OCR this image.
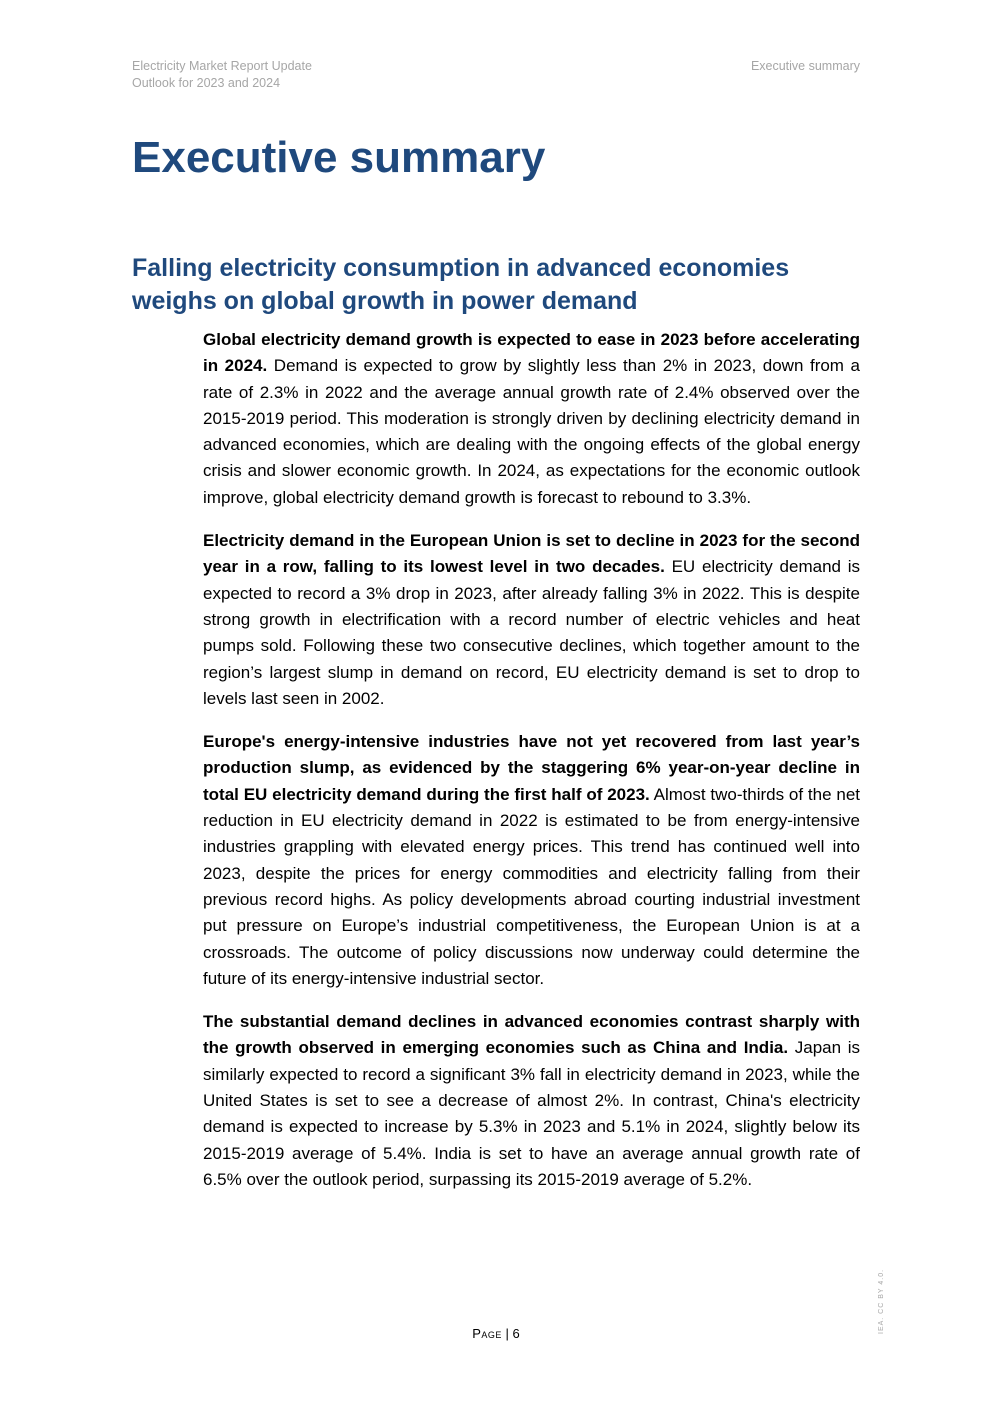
Electricity Market Report Update
Outlook for 2023 and 2024
Executive summary
Executive summary
Falling electricity consumption in advanced economies weighs on global growth in power demand

Global electricity demand growth is expected to ease in 2023 before accelerating in 2024. Demand is expected to grow by slightly less than 2% in 2023, down from a rate of 2.3% in 2022 and the average annual growth rate of 2.4% observed over the 2015-2019 period. This moderation is strongly driven by declining electricity demand in advanced economies, which are dealing with the ongoing effects of the global energy crisis and slower economic growth. In 2024, as expectations for the economic outlook improve, global electricity demand growth is forecast to rebound to 3.3%.

Electricity demand in the European Union is set to decline in 2023 for the second year in a row, falling to its lowest level in two decades. EU electricity demand is expected to record a 3% drop in 2023, after already falling 3% in 2022. This is despite strong growth in electrification with a record number of electric vehicles and heat pumps sold. Following these two consecutive declines, which together amount to the region’s largest slump in demand on record, EU electricity demand is set to drop to levels last seen in 2002.

Europe's energy-intensive industries have not yet recovered from last year’s production slump, as evidenced by the staggering 6% year-on-year decline in total EU electricity demand during the first half of 2023. Almost two-thirds of the net reduction in EU electricity demand in 2022 is estimated to be from energy-intensive industries grappling with elevated energy prices. This trend has continued well into 2023, despite the prices for energy commodities and electricity falling from their previous record highs. As policy developments abroad courting industrial investment put pressure on Europe’s industrial competitiveness, the European Union is at a crossroads. The outcome of policy discussions now underway could determine the future of its energy-intensive industrial sector.

The substantial demand declines in advanced economies contrast sharply with the growth observed in emerging economies such as China and India. Japan is similarly expected to record a significant 3% fall in electricity demand in 2023, while the United States is set to see a decrease of almost 2%. In contrast, China's electricity demand is expected to increase by 5.3% in 2023 and 5.1% in 2024, slightly below its 2015-2019 average of 5.4%. India is set to have an average annual growth rate of 6.5% over the outlook period, surpassing its 2015-2019 average of 5.2%.

Page | 6	IEA. CC BY 4.0.
